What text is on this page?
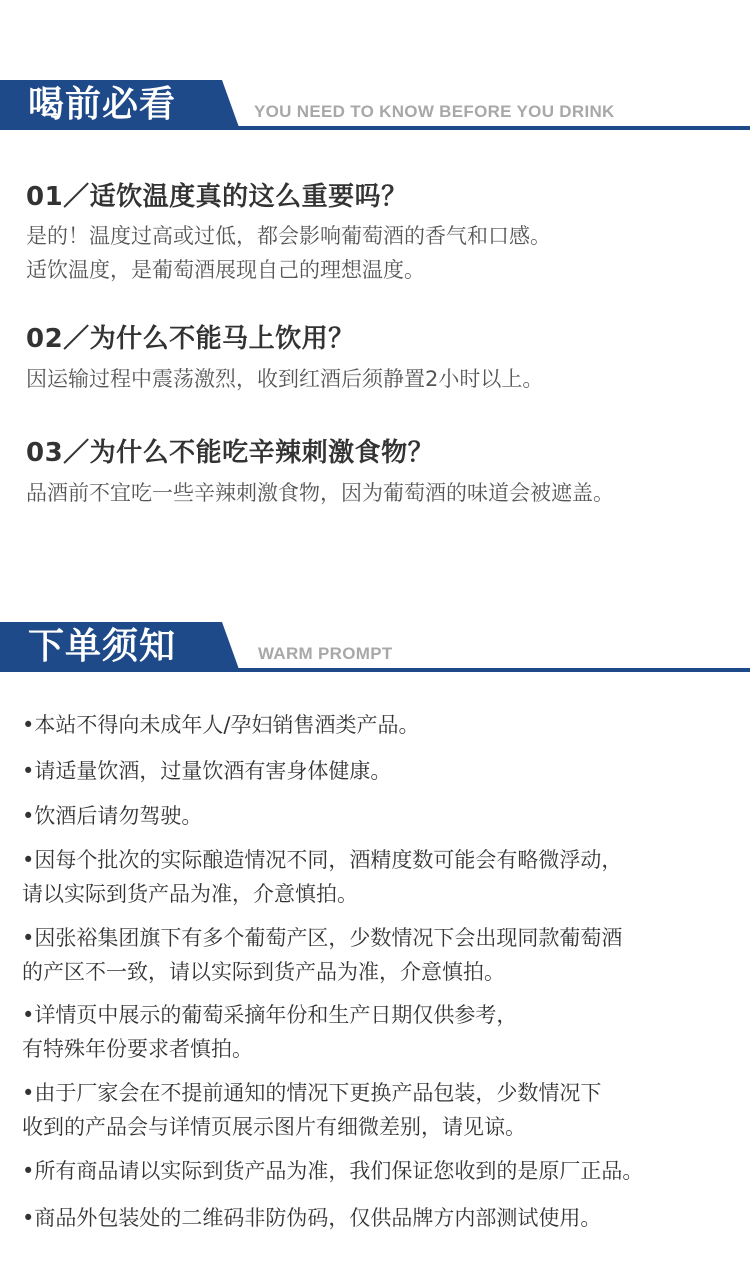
喝前必看	YOU NEED TO KNOW BEFORE YOU DRINK
01／适饮温度真的这么重要吗？
是的！温度过高或过低，都会影响葡萄酒的香气和口感。
适饮温度，是葡萄酒展现自己的理想温度。
02／为什么不能马上饮用？
因运输过程中震荡激烈，收到红酒后须静置2小时以上。
03／为什么不能吃辛辣刺激食物？
品酒前不宜吃一些辛辣刺激食物，因为葡萄酒的味道会被遮盖。
下单须知	WARM PROMPT
•本站不得向未成年人/孕妇销售酒类产品。
•请适量饮酒，过量饮酒有害身体健康。
•饮酒后请勿驾驶。
•因每个批次的实际酿造情况不同，酒精度数可能会有略微浮动，
请以实际到货产品为准，介意慎拍。
•因张裕集团旗下有多个葡萄产区，少数情况下会出现同款葡萄酒
的产区不一致，请以实际到货产品为准，介意慎拍。
•详情页中展示的葡萄采摘年份和生产日期仅供参考，
有特殊年份要求者慎拍。
•由于厂家会在不提前通知的情况下更换产品包装，少数情况下
收到的产品会与详情页展示图片有细微差别，请见谅。
•所有商品请以实际到货产品为准，我们保证您收到的是原厂正品。
•商品外包装处的二维码非防伪码，仅供品牌方内部测试使用。
